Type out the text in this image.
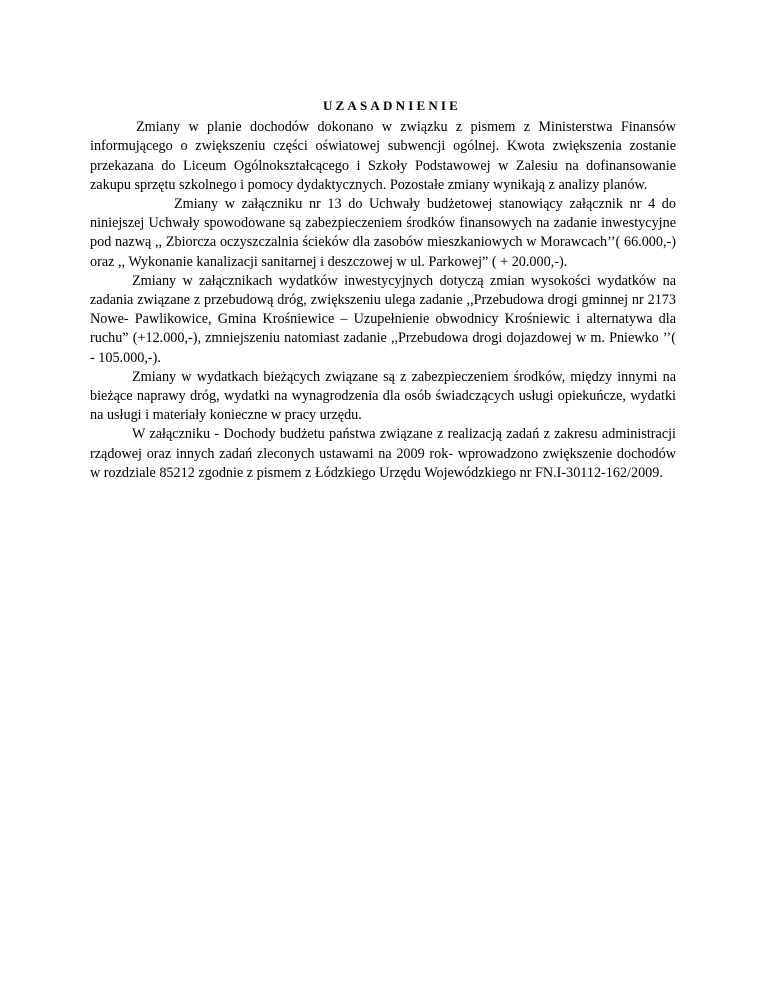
UZASADNIENIE

Zmiany w planie dochodów dokonano w związku z pismem z Ministerstwa Finansów informującego o zwiększeniu części oświatowej subwencji ogólnej. Kwota zwiększenia zostanie przekazana do Liceum Ogólnokształcącego i Szkoły Podstawowej w Zalesiu na dofinansowanie zakupu sprzętu szkolnego i pomocy dydaktycznych. Pozostałe zmiany wynikają z analizy planów.

Zmiany w załączniku nr 13 do Uchwały budżetowej stanowiący załącznik nr 4 do niniejszej Uchwały spowodowane są zabezpieczeniem środków finansowych na zadanie inwestycyjne pod nazwą ,, Zbiorcza oczyszczalnia ścieków dla zasobów mieszkaniowych w Morawcach’’( 66.000,-) oraz ,, Wykonanie kanalizacji sanitarnej i deszczowej w ul. Parkowej” ( + 20.000,-).

Zmiany w załącznikach wydatków inwestycyjnych dotyczą zmian wysokości wydatków na zadania związane z przebudową dróg, zwiększeniu ulega zadanie ,,Przebudowa drogi gminnej nr 2173 Nowe- Pawlikowice, Gmina Krośniewice – Uzupełnienie obwodnicy Krośniewic i alternatywa dla ruchu” (+12.000,-), zmniejszeniu natomiast zadanie ,,Przebudowa drogi dojazdowej w m. Pniewko ’’( - 105.000,-).

Zmiany w wydatkach bieżących związane są z zabezpieczeniem środków, między innymi na bieżące naprawy dróg, wydatki na wynagrodzenia dla osób świadczących usługi opiekuńcze, wydatki na usługi i materiały konieczne w pracy urzędu.

W załączniku - Dochody budżetu państwa związane z realizacją zadań z zakresu administracji rządowej oraz innych zadań zleconych ustawami na 2009 rok- wprowadzono zwiększenie dochodów w rozdziale 85212 zgodnie z pismem z Łódzkiego Urzędu Wojewódzkiego nr FN.I-30112-162/2009.
